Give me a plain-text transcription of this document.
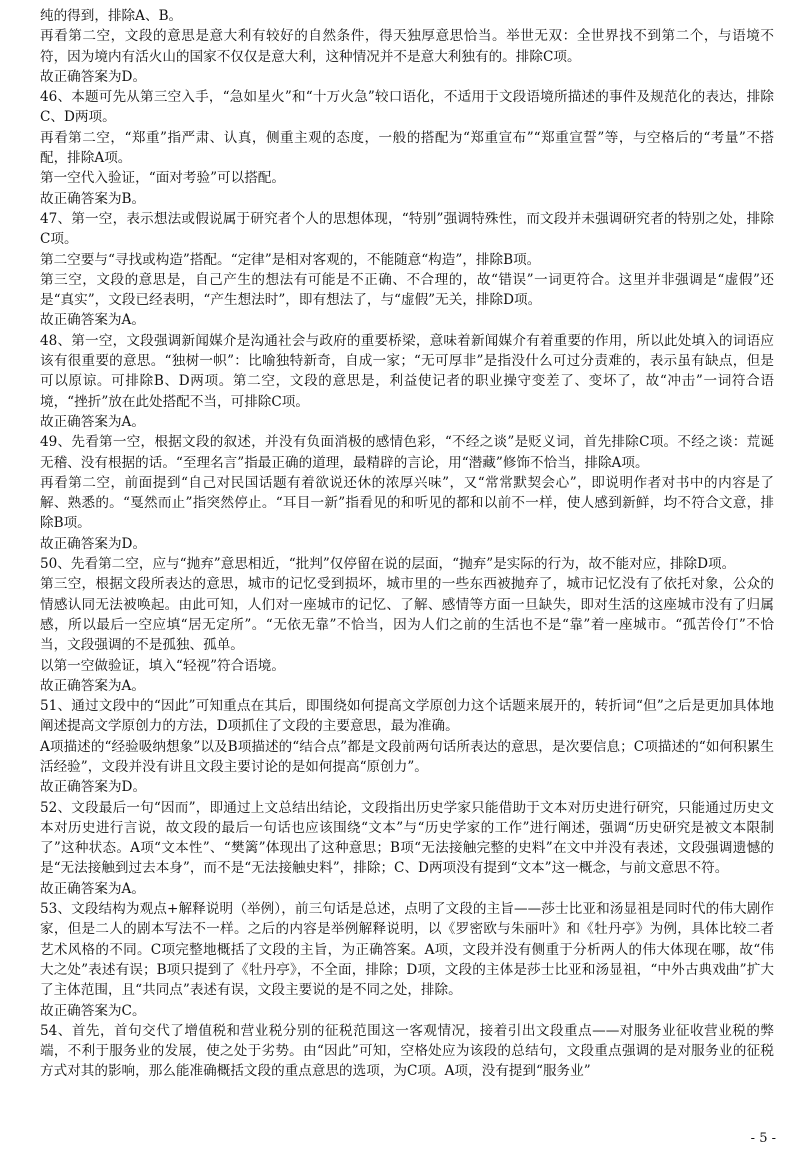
纯的得到，排除A、B。

再看第二空，文段的意思是意大利有较好的自然条件，得天独厚意思恰当。举世无双：全世界找不到第二个，与语境不符，因为境内有活火山的国家不仅仅是意大利，这种情况并不是意大利独有的。排除C项。

故正确答案为D。

46、本题可先从第三空入手，“急如星火”和“十万火急”较口语化，不适用于文段语境所描述的事件及规范化的表达，排除C、D两项。

再看第二空，“郑重”指严肃、认真，侧重主观的态度，一般的搭配为“郑重宣布”“郑重宣誓”等，与空格后的“考量”不搭配，排除A项。

第一空代入验证，“面对考验”可以搭配。

故正确答案为B。

47、第一空，表示想法或假说属于研究者个人的思想体现，“特别”强调特殊性，而文段并未强调研究者的特别之处，排除C项。

第二空要与“寻找或构造”搭配。“定律”是相对客观的，不能随意“构造”，排除B项。

第三空，文段的意思是，自己产生的想法有可能是不正确、不合理的，故“错误”一词更符合。这里并非强调是“虚假”还是“真实”，文段已经表明，“产生想法时”，即有想法了，与“虚假”无关，排除D项。

故正确答案为A。

48、第一空，文段强调新闻媒介是沟通社会与政府的重要桥梁，意味着新闻媒介有着重要的作用，所以此处填入的词语应该有很重要的意思。“独树一帜”：比喻独特新奇，自成一家；“无可厚非”是指没什么可过分责难的，表示虽有缺点，但是可以原谅。可排除B、D两项。第二空，文段的意思是，利益使记者的职业操守变差了、变坏了，故“冲击”一词符合语境，“挫折”放在此处搭配不当，可排除C项。

故正确答案为A。

49、先看第一空，根据文段的叙述，并没有负面消极的感情色彩，“不经之谈”是贬义词，首先排除C项。不经之谈：荒诞无稽、没有根据的话。“至理名言”指最正确的道理，最精辟的言论，用“潜藏”修饰不恰当，排除A项。

再看第二空，前面提到“自己对民国话题有着欲说还休的浓厚兴味”，又“常常默契会心”，即说明作者对书中的内容是了解、熟悉的。“戛然而止”指突然停止。“耳目一新”指看见的和听见的都和以前不一样，使人感到新鲜，均不符合文意，排除B项。

故正确答案为D。

50、先看第二空，应与“抛弃”意思相近，“批判”仅停留在说的层面，“抛弃”是实际的行为，故不能对应，排除D项。

第三空，根据文段所表达的意思，城市的记忆受到损坏，城市里的一些东西被抛弃了，城市记忆没有了依托对象，公众的情感认同无法被唤起。由此可知，人们对一座城市的记忆、了解、感情等方面一旦缺失，即对生活的这座城市没有了归属感，所以最后一空应填“居无定所”。“无依无靠”不恰当，因为人们之前的生活也不是“靠”着一座城市。“孤苦伶仃”不恰当，文段强调的不是孤独、孤单。

以第一空做验证，填入“轻视”符合语境。

故正确答案为A。

51、通过文段中的“因此”可知重点在其后，即围绕如何提高文学原创力这个话题来展开的，转折词“但”之后是更加具体地阐述提高文学原创力的方法，D项抓住了文段的主要意思，最为准确。

A项描述的“经验吸纳想象”以及B项描述的“结合点”都是文段前两句话所表达的意思，是次要信息；C项描述的“如何积累生活经验”，文段并没有讲且文段主要讨论的是如何提高“原创力”。

故正确答案为D。

52、文段最后一句“因而”，即通过上文总结出结论，文段指出历史学家只能借助于文本对历史进行研究，只能通过历史文本对历史进行言说，故文段的最后一句话也应该围绕“文本”与“历史学家的工作”进行阐述，强调“历史研究是被文本限制了”这种状态。A项“文本性”、“樊篱”体现出了这种意思；B项“无法接触完整的史料”在文中并没有表述，文段强调遗憾的是“无法接触到过去本身”，而不是“无法接触史料”，排除；C、D两项没有提到“文本”这一概念，与前文意思不符。

故正确答案为A。

53、文段结构为观点+解释说明（举例），前三句话是总述，点明了文段的主旨——莎士比亚和汤显祖是同时代的伟大剧作家，但是二人的剧本写法不一样。之后的内容是举例解释说明，以《罗密欧与朱丽叶》和《牡丹亭》为例，具体比较二者艺术风格的不同。C项完整地概括了文段的主旨，为正确答案。A项，文段并没有侧重于分析两人的伟大体现在哪，故“伟大之处”表述有误；B项只提到了《牡丹亭》，不全面，排除；D项，文段的主体是莎士比亚和汤显祖，“中外古典戏曲”扩大了主体范围，且“共同点”表述有误，文段主要说的是不同之处，排除。

故正确答案为C。

54、首先，首句交代了增值税和营业税分别的征税范围这一客观情况，接着引出文段重点——对服务业征收营业税的弊端，不利于服务业的发展，使之处于劣势。由“因此”可知，空格处应为该段的总结句，文段重点强调的是对服务业的征税方式对其的影响，那么能准确概括文段的重点意思的选项，为C项。A项，没有提到“服务业”

- 5 -
